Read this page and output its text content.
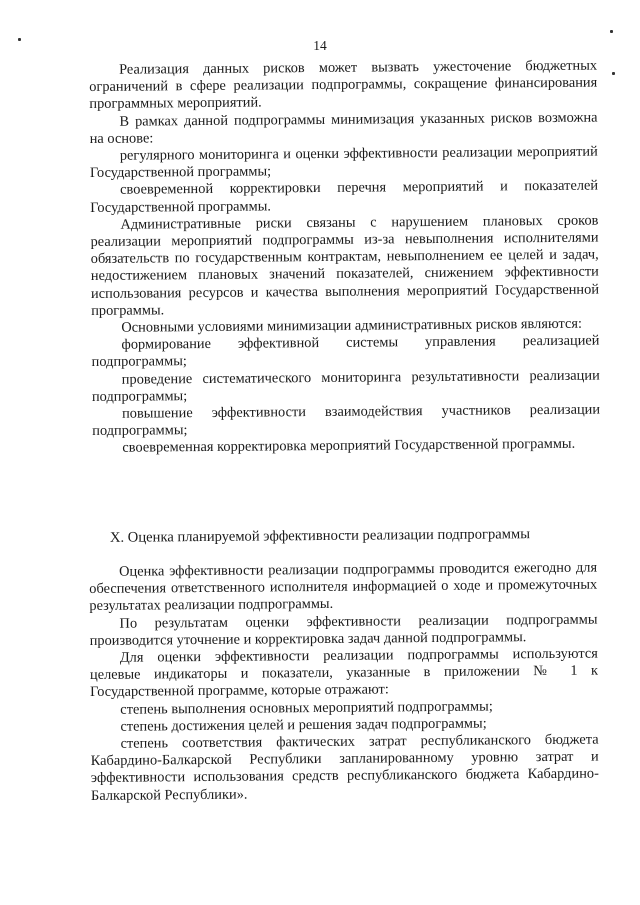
14

Реализация данных рисков может вызвать ужесточение бюджетных ограничений в сфере реализации подпрограммы, сокращение финансирования программных мероприятий.

В рамках данной подпрограммы минимизация указанных рисков возможна на основе:

регулярного мониторинга и оценки эффективности реализации мероприятий Государственной программы;

своевременной корректировки перечня мероприятий и показателей Государственной программы.

Административные риски связаны с нарушением плановых сроков реализации мероприятий подпрограммы из-за невыполнения исполнителями обязательств по государственным контрактам, невыполнением ее целей и задач, недостижением плановых значений показателей, снижением эффективности использования ресурсов и качества выполнения мероприятий Государственной программы.

Основными условиями минимизации административных рисков являются:

формирование эффективной системы управления реализацией подпрограммы;

проведение систематического мониторинга результативности реализации подпрограммы;

повышение эффективности взаимодействия участников реализации подпрограммы;

своевременная корректировка мероприятий Государственной программы.

X. Оценка планируемой эффективности реализации подпрограммы

Оценка эффективности реализации подпрограммы проводится ежегодно для обеспечения ответственного исполнителя информацией о ходе и промежуточных результатах реализации подпрограммы.

По результатам оценки эффективности реализации подпрограммы производится уточнение и корректировка задач данной подпрограммы.

Для оценки эффективности реализации подпрограммы используются целевые индикаторы и показатели, указанные в приложении № 1 к Государственной программе, которые отражают:

степень выполнения основных мероприятий подпрограммы;

степень достижения целей и решения задач подпрограммы;

степень соответствия фактических затрат республиканского бюджета Кабардино-Балкарской Республики запланированному уровню затрат и эффективности использования средств республиканского бюджета Кабардино-Балкарской Республики».
